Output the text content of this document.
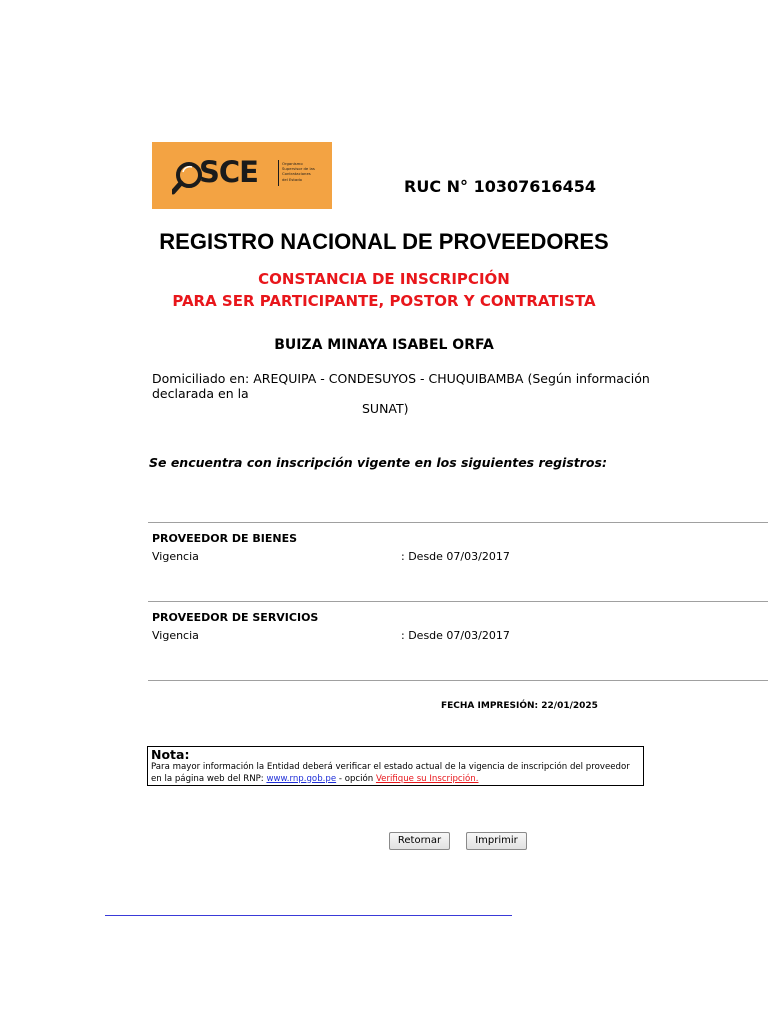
SCE	Organismo
Supervisor de las
Contrataciones
del Estado	RUC N° 10307616454
REGISTRO NACIONAL DE PROVEEDORES
CONSTANCIA DE INSCRIPCIÓN
PARA SER PARTICIPANTE, POSTOR Y CONTRATISTA
BUIZA MINAYA ISABEL ORFA
Domiciliado en: AREQUIPA - CONDESUYOS - CHUQUIBAMBA (Según información declarada en la
SUNAT)
Se encuentra con inscripción vigente en los siguientes registros:
PROVEEDOR DE BIENES
Vigencia	: Desde 07/03/2017
PROVEEDOR DE SERVICIOS
Vigencia	: Desde 07/03/2017
FECHA IMPRESIÓN: 22/01/2025
Nota:
Para mayor información la Entidad deberá verificar el estado actual de la vigencia de inscripción del proveedor en la página web del RNP: www.rnp.gob.pe - opción Verifique su Inscripción.
Retornar	Imprimir
